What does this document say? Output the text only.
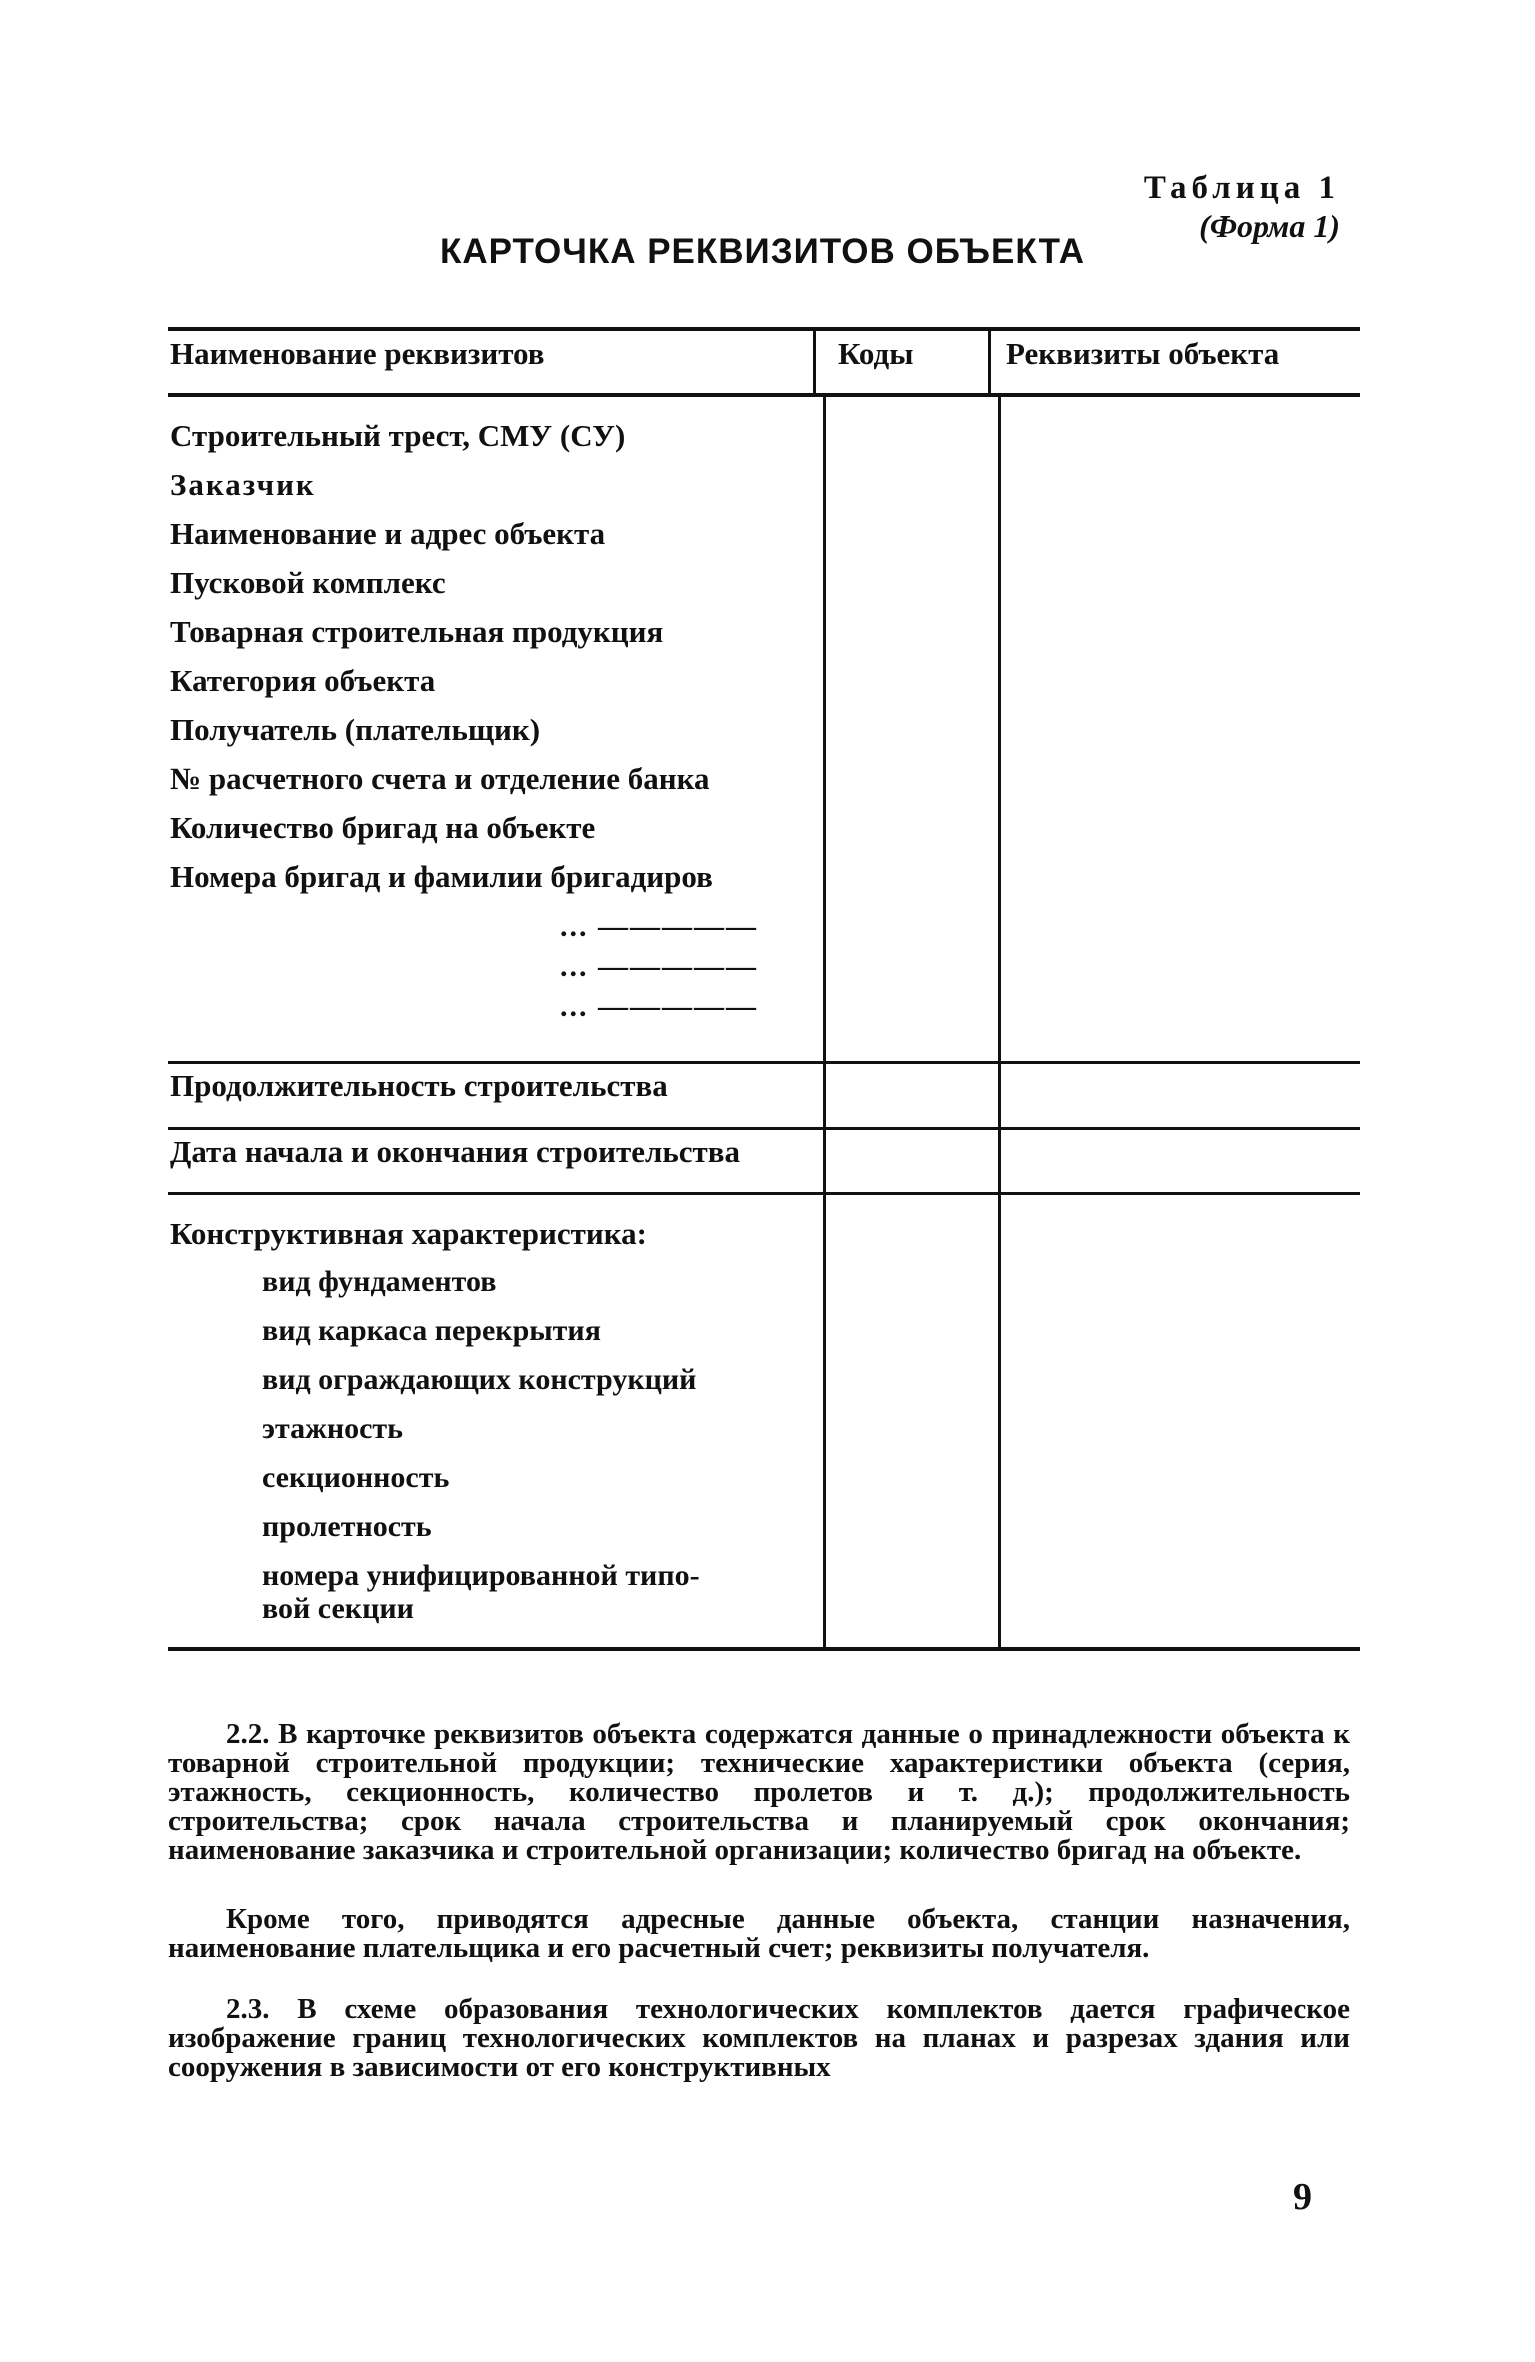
Таблица 1
(Форма 1)
КАРТОЧКА РЕКВИЗИТОВ ОБЪЕКТА
Наименование реквизитов	Коды	Реквизиты объекта
Строительный трест, СМУ (СУ)
Заказчик
Наименование и адрес объекта
Пусковой комплекс
Товарная строительная продукция
Категория объекта
Получатель (плательщик)
№ расчетного счета и отделение банка
Количество бригад на объекте
Номера бригад и фамилии бригадиров
... —————
... —————
... —————
Продолжительность строительства
Дата начала и окончания строительства
Конструктивная характеристика:
вид фундаментов
вид каркаса перекрытия
вид ограждающих конструкций
этажность
секционность
пролетность
номера унифицированной типо-
вой секции
2.2. В карточке реквизитов объекта содержатся данные о принадлежности объекта к товарной строительной продукции; технические характеристики объекта (серия, этажность, секционность, количество пролетов и т. д.); продолжительность строительства; срок начала строительства и планируемый срок окончания; наименование заказчика и строительной организации; количество бригад на объекте.
Кроме того, приводятся адресные данные объекта, станции назначения, наименование плательщика и его расчетный счет; реквизиты получателя.
2.3. В схеме образования технологических комплектов дается графическое изображение границ технологических комплектов на планах и разрезах здания или сооружения в зависимости от его конструктивных
9
